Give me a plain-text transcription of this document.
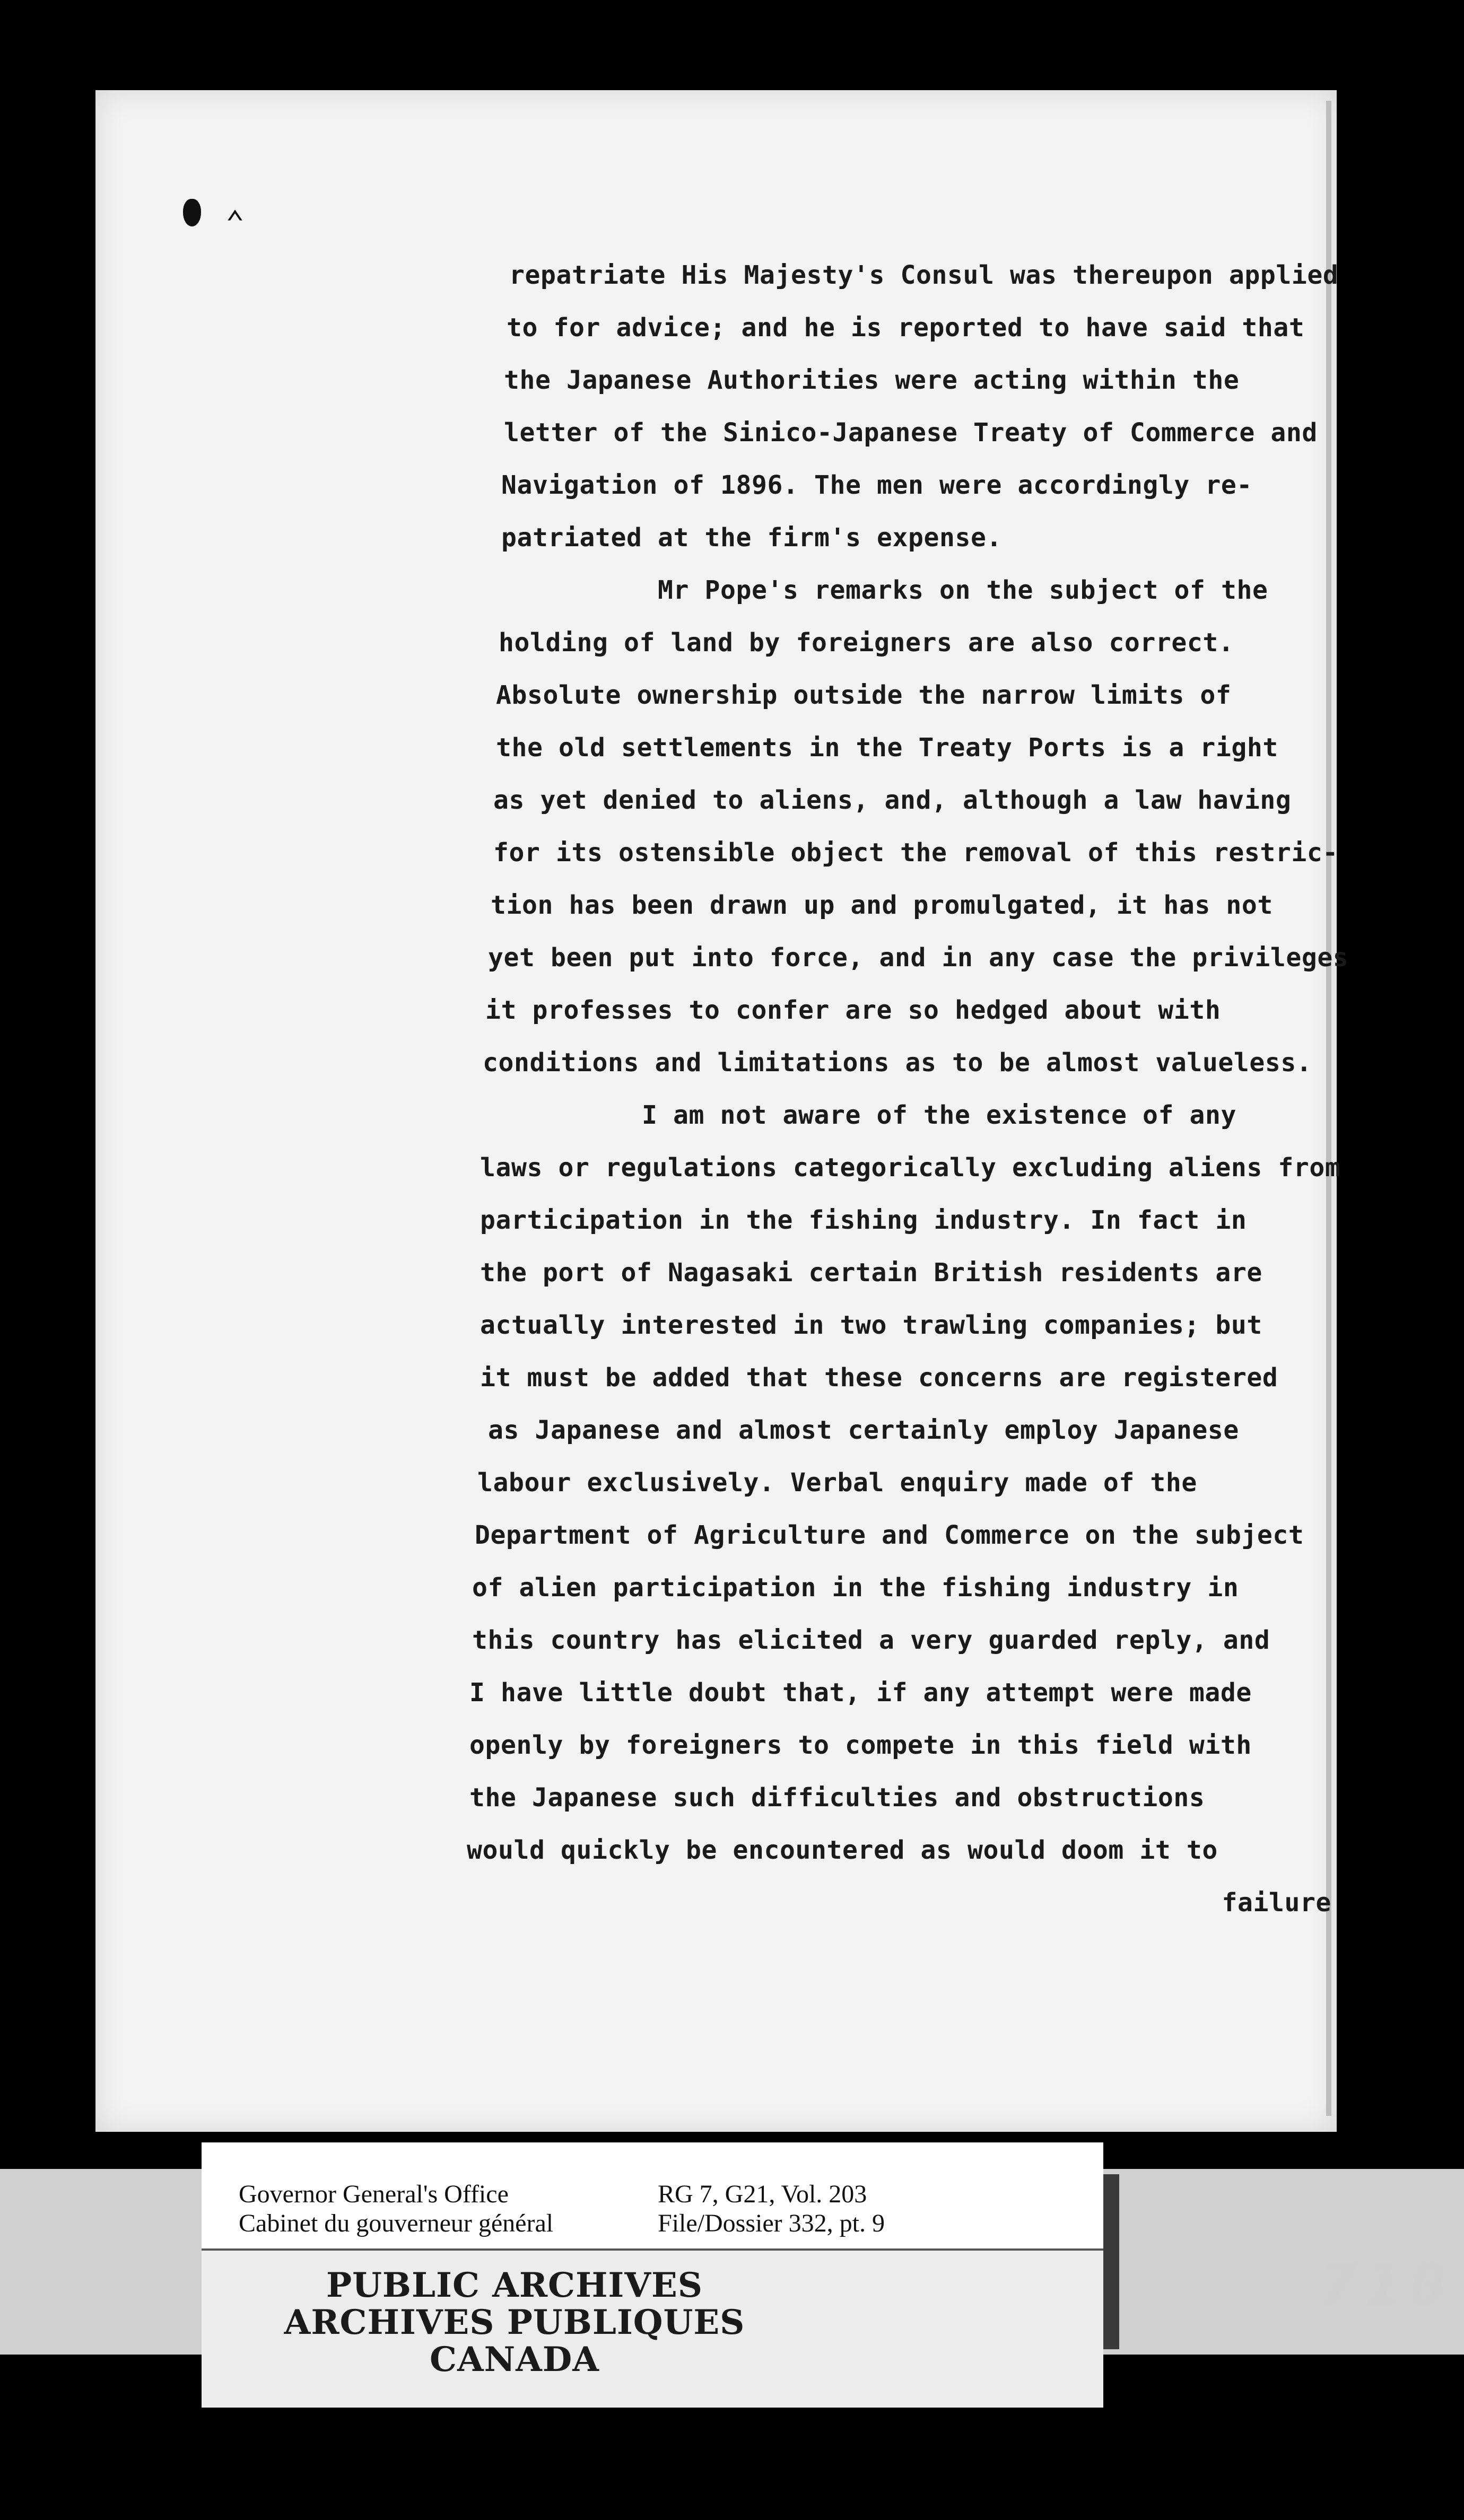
⌃
repatriate His Majesty's Consul was thereupon applied
to for advice; and he is reported to have said that
the Japanese Authorities were acting within the
letter of the Sinico-Japanese Treaty of Commerce and
Navigation of 1896. The men were accordingly re-
patriated at the firm's expense.
Mr Pope's remarks on the subject of the
holding of land by foreigners are also correct.
Absolute ownership outside the narrow limits of
the old settlements in the Treaty Ports is a right
as yet denied to aliens, and, although a law having
for its ostensible object the removal of this restric-
tion has been drawn up and promulgated, it has not
yet been put into force, and in any case the privileges
it professes to confer are so hedged about with
conditions and limitations as to be almost valueless.
I am not aware of the existence of any
laws or regulations categorically excluding aliens from
participation in the fishing industry. In fact in
the port of Nagasaki certain British residents are
actually interested in two trawling companies; but
it must be added that these concerns are registered
as Japanese and almost certainly employ Japanese
labour exclusively. Verbal enquiry made of the
Department of Agriculture and Commerce on the subject
of alien participation in the fishing industry in
this country has elicited a very guarded reply, and
I have little doubt that, if any attempt were made
openly by foreigners to compete in this field with
the Japanese such difficulties and obstructions
would quickly be encountered as would doom it to
failure
Governor General's Office
Cabinet du gouverneur général
RG 7, G21, Vol. 203
File/Dossier 332, pt. 9
PUBLIC ARCHIVES
ARCHIVES PUBLIQUES
CANADA
710
